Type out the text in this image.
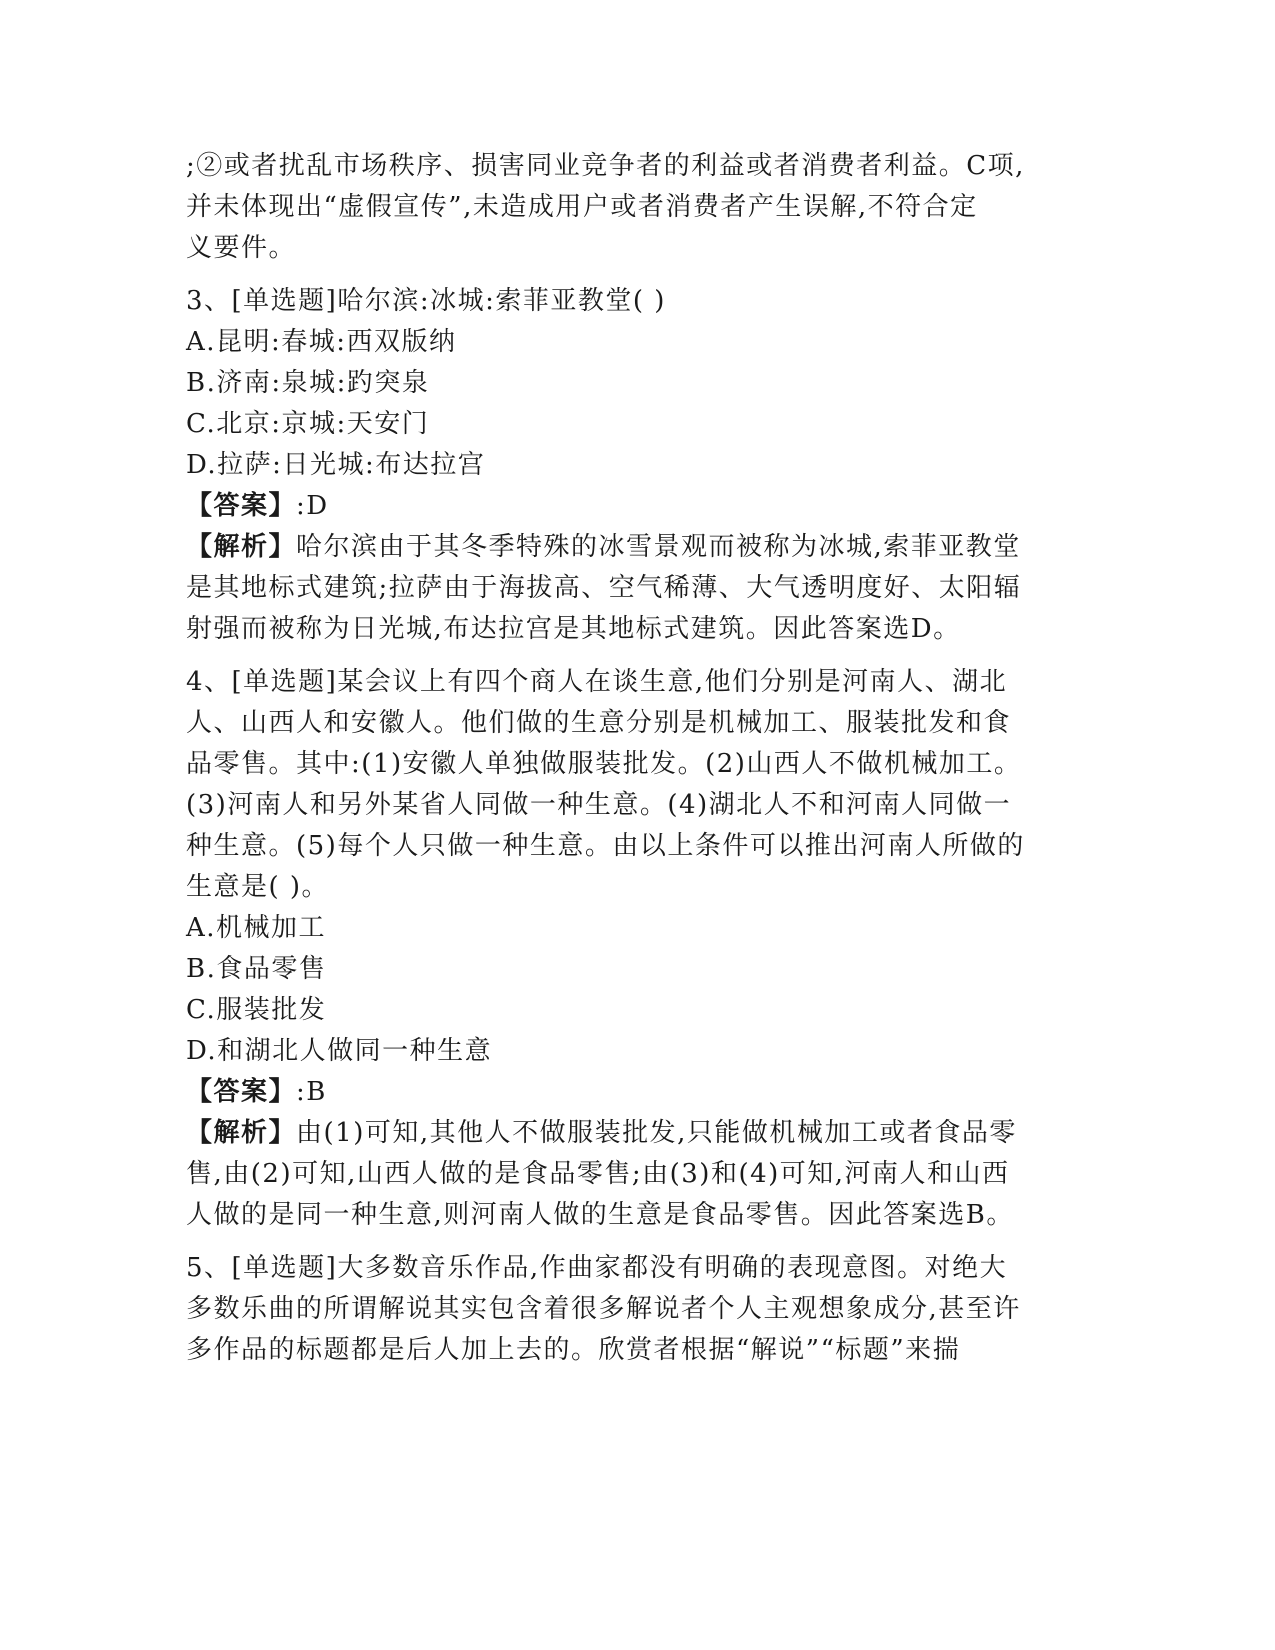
;②或者扰乱市场秩序、损害同业竞争者的利益或者消费者利益。C项,
并未体现出“虚假宣传”,未造成用户或者消费者产生误解,不符合定
义要件。
3、[单选题]哈尔滨:冰城:索菲亚教堂( )
A.昆明:春城:西双版纳
B.济南:泉城:趵突泉
C.北京:京城:天安门
D.拉萨:日光城:布达拉宫
【答案】:D
【解析】哈尔滨由于其冬季特殊的冰雪景观而被称为冰城,索菲亚教堂
是其地标式建筑;拉萨由于海拔高、空气稀薄、大气透明度好、太阳辐
射强而被称为日光城,布达拉宫是其地标式建筑。因此答案选D。
4、[单选题]某会议上有四个商人在谈生意,他们分别是河南人、湖北
人、山西人和安徽人。他们做的生意分别是机械加工、服装批发和食
品零售。其中:(1)安徽人单独做服装批发。(2)山西人不做机械加工。
(3)河南人和另外某省人同做一种生意。(4)湖北人不和河南人同做一
种生意。(5)每个人只做一种生意。由以上条件可以推出河南人所做的
生意是( )。
A.机械加工
B.食品零售
C.服装批发
D.和湖北人做同一种生意
【答案】:B
【解析】由(1)可知,其他人不做服装批发,只能做机械加工或者食品零
售,由(2)可知,山西人做的是食品零售;由(3)和(4)可知,河南人和山西
人做的是同一种生意,则河南人做的生意是食品零售。因此答案选B。
5、[单选题]大多数音乐作品,作曲家都没有明确的表现意图。对绝大
多数乐曲的所谓解说其实包含着很多解说者个人主观想象成分,甚至许
多作品的标题都是后人加上去的。欣赏者根据“解说”“标题”来揣
